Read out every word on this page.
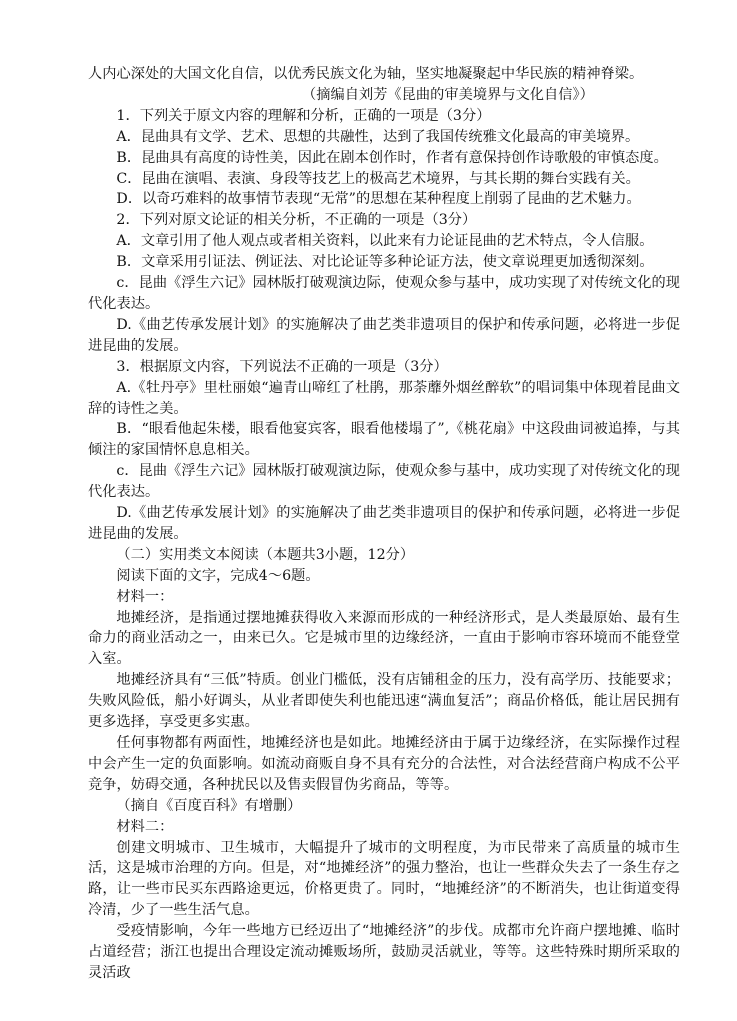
人内心深处的大国文化自信，以优秀民族文化为轴，坚实地凝聚起中华民族的精神脊梁。

（摘编自刘芳《昆曲的审美境界与文化自信》）

1．下列关于原文内容的理解和分析，正确的一项是（3分）

A．昆曲具有文学、艺术、思想的共融性，达到了我国传统雅文化最高的审美境界。

B．昆曲具有高度的诗性美，因此在剧本创作时，作者有意保持创作诗歌般的审慎态度。

C．昆曲在演唱、表演、身段等技艺上的极高艺术境界，与其长期的舞台实践有关。

D．以奇巧难料的故事情节表现“无常”的思想在某种程度上削弱了昆曲的艺术魅力。

2．下列对原文论证的相关分析，不正确的一项是（3分）

A．文章引用了他人观点或者相关资料，以此来有力论证昆曲的艺术特点，令人信服。

B．文章采用引证法、例证法、对比论证等多种论证方法，使文章说理更加透彻深刻。

c．昆曲《浮生六记》园林版打破观演边际，使观众参与基中，成功实现了对传统文化的现代化表达。

D.《曲艺传承发展计划》的实施解决了曲艺类非遗项目的保护和传承问题，必将进一步促进昆曲的发展。

3．根据原文内容，下列说法不正确的一项是（3分）

A.《牡丹亭》里杜丽娘“遍青山啼红了杜鹃，那荼蘼外烟丝醉软”的唱词集中体现着昆曲文辞的诗性之美。

B．“眼看他起朱楼，眼看他宴宾客，眼看他楼塌了”,《桃花扇》中这段曲词被追捧，与其倾注的家国情怀息息相关。

c．昆曲《浮生六记》园林版打破观演边际，使观众参与基中，成功实现了对传统文化的现代化表达。

D.《曲艺传承发展计划》的实施解决了曲艺类非遗项目的保护和传承问题，必将进一步促进昆曲的发展。

（二）实用类文本阅读（本题共3小题，12分）

阅读下面的文字，完成4～6题。

材料一：

地摊经济，是指通过摆地摊获得收入来源而形成的一种经济形式，是人类最原始、最有生命力的商业活动之一，由来已久。它是城市里的边缘经济，一直由于影响市容环境而不能登堂入室。

地摊经济具有“三低”特质。创业门槛低，没有店铺租金的压力，没有高学历、技能要求；失败风险低，船小好调头，从业者即使失利也能迅速“满血复活”；商品价格低，能让居民拥有更多选择，享受更多实惠。

任何事物都有两面性，地摊经济也是如此。地摊经济由于属于边缘经济，在实际操作过程中会产生一定的负面影响。如流动商贩自身不具有充分的合法性，对合法经营商户构成不公平竞争，妨碍交通，各种扰民以及售卖假冒伪劣商品，等等。

（摘自《百度百科》有增删）

材料二：

创建文明城市、卫生城市，大幅提升了城市的文明程度，为市民带来了高质量的城市生活，这是城市治理的方向。但是，对“地摊经济”的强力整治，也让一些群众失去了一条生存之路，让一些市民买东西路途更远，价格更贵了。同时，“地摊经济”的不断消失，也让街道变得冷清，少了一些生活气息。

受疫情影响，今年一些地方已经迈出了“地摊经济”的步伐。成都市允许商户摆地摊、临时占道经营；浙江也提出合理设定流动摊贩场所，鼓励灵活就业，等等。这些特殊时期所采取的灵活政
